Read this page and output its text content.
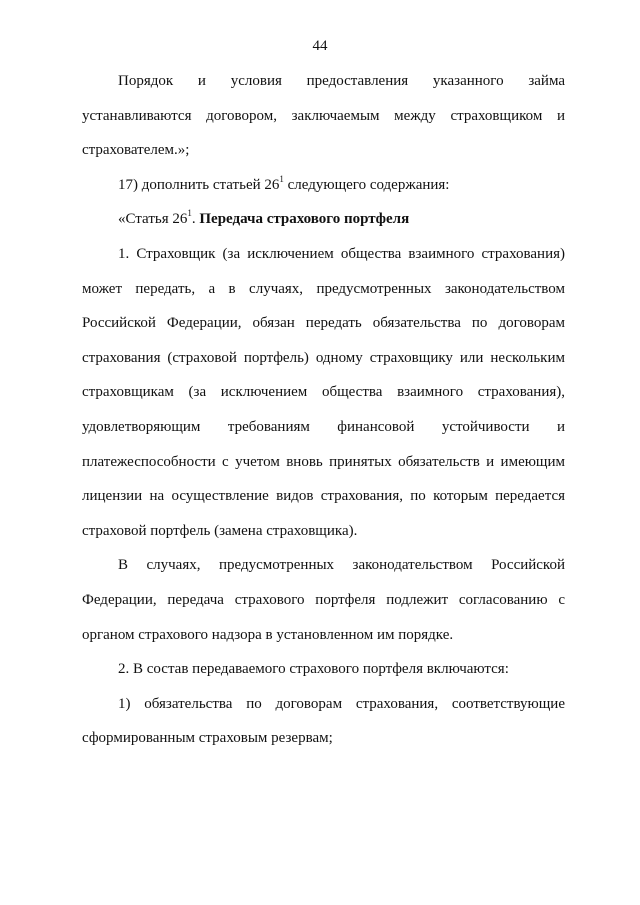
44

Порядок и условия предоставления указанного займа устанавливаются договором, заключаемым между страховщиком и страхователем.»;

17) дополнить статьей $26^1$ следующего содержания:

«Статья $26^1$. Передача страхового портфеля

1. Страховщик (за исключением общества взаимного страхования) может передать, а в случаях, предусмотренных законодательством Российской Федерации, обязан передать обязательства по договорам страхования (страховой портфель) одному страховщику или нескольким страховщикам (за исключением общества взаимного страхования), удовлетворяющим требованиям финансовой устойчивости и платежеспособности с учетом вновь принятых обязательств и имеющим лицензии на осуществление видов страхования, по которым передается страховой портфель (замена страховщика).

В случаях, предусмотренных законодательством Российской Федерации, передача страхового портфеля подлежит согласованию с органом страхового надзора в установленном им порядке.

2. В состав передаваемого страхового портфеля включаются:

1) обязательства по договорам страхования, соответствующие сформированным страховым резервам;
